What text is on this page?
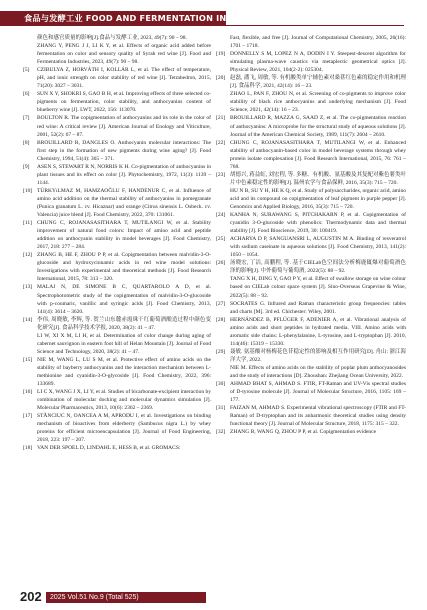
食品与发酵工业 FOOD AND FERMENTATION INDUSTRIES
颜色和感官质量的影响[J].食品与发酵工业, 2023, 49(7): 90 – 98.
ZHANG Y, PENG J J, LI K Y, et al. Effects of organic acid added before fermentation on color and sensory quality of Syrah red wine [J]. Food and Fermentation Industries, 2023, 49(7): 90 – 98.
[5] CZIBULYA Z, HORVÁTH I, KOLLÁR L, et al. The effect of temperature, pH, and ionic strength on color stability of red wine [J]. Tetrahedron, 2015, 71(20): 3027 – 3031.
[6] SUN X Y, SHOKRI S, GAO B H, et al. Improving effects of three selected co-pigments on fermentation, color stability, and anthocyanins content of blueberry wine [J]. LWT, 2022, 156: 113070.
[7] BOULTON R. The copigmentation of anthocyanins and its role in the color of red wine: A critical review [J]. American Journal of Enology and Viticulture, 2001, 52(2): 67 – 87.
[8] BROUILLARD R, DANGLES O. Anthocyanin molecular interactions: The first step in the formation of new pigments during wine aging? [J]. Food Chemistry, 1994, 51(4): 365 – 371.
[9] ASEN S, STEWART R N, NORRIS K H. Co-pigmentation of anthocyanins in plant tissues and its effect on color [J]. Phytochemistry, 1972, 11(3): 1139 – 1144.
[10] TÜRKYıLMAZ M, HAMZAOĞLU F, HANDENUR C, et al. Influence of amino acid addition on the thermal stability of anthocyanins in pomegranate (Punica granatum L. cv. Hicaznar) and orange (Citrus sinensis L. Osbeck. cv. Valencia) juice blend [J]. Food Chemistry, 2022, 370: 131061.
[11] CHUNG C, ROJANASASITHARA T, MUTILANGI W, et al. Stability improvement of natural food colors: Impact of amino acid and peptide addition on anthocyanin stability in model beverages [J]. Food Chemistry, 2017, 218: 277 – 284.
[12] ZHANG B, HE F, ZHOU P P, et al. Copigmentation between malvidin-3-O-glucoside and hydroxycinnamic acids in red wine model solutions: Investigations with experimental and theoretical methods [J]. Food Research International, 2015, 78: 313 – 320.
[13] MALAJ N, DE SIMONE B C, QUARTAROLO A D, et al. Spectrophotometric study of the copigmentation of malvidin-3-O-glucoside with p-coumaric, vanillic and syringic acids [J]. Food Chemistry, 2013, 141(4): 3614 – 3620.
[14] 李伟, 周晓敏, 李辉, 等. 贺兰山东麓赤霞珠干红葡萄酒酿造过程中颜色变化研究[J]. 食品科学技术学报, 2020, 38(2): 41 – 47.
LI W, XI X M, LI H, et al. Determination of color change during aging of cabernet sauvignon in eastern foot hill of Helan Mountain [J]. Journal of Food Science and Technology, 2020, 38(2): 41 – 47.
[15] NIE M, WANG L, LU S M, et al. Protective effect of amino acids on the stability of bayberry anthocyanins and the interaction mechanism between L-methionine and cyanidin-3-O-glycoside [J]. Food Chemistry, 2022, 396: 133689.
[16] LI C X, WANG J X, LI Y, et al. Studies of bicarbonate-excipient interaction by combination of molecular docking and molecular dynamics simulation [J]. Molecular Pharmaceutics, 2013, 10(6): 2362 – 2369.
[17] STĂNCIUC N, OANCEA A M, APRODU I, et al. Investigations on binding mechanism of bioactives from elderberry (Sambucus nigra L.) by whey proteins for efficient microencapsulation [J]. Journal of Food Engineering, 2018, 223: 197 – 207.
[18] VAN DER SPOEL D, LINDAHL E, HESS B, et al. GROMACS:
Fast, flexible, and free [J]. Journal of Computational Chemistry, 2005, 26(16): 1701 – 1718.
[19] DONNELLY S M, LOPEZ N A, DODIN I Y. Steepest-descent algorithm for simulating plasma-wave caustics via metaplectic geometrical optics [J]. Physical Review, 2021, 104(2-2): 025304.
[20] 赵磊, 潘飞, 周敏, 等. 有机酸类单宁辅色素对桑葚红色素的稳定作用和机理[J]. 食品科学, 2021, 42(14): 16 – 23.
ZHAO L, PAN F, ZHOU N, et al. Screening of co-pigments to improve color stability of black rice anthocyanins and underlying mechanism [J]. Food Science, 2021, 42(14): 16 – 23.
[21] BROUILLARD R, MAZZA G, SAAD Z, et al. The co-pigmentation reaction of anthocyanins: A microprobe for the structural study of aqueous solutions [J]. Journal of the American Chemical Society, 1989, 111(7): 2604 – 2610.
[22] CHUNG C, ROJANASASITHARA T, MUTILANGI W, et al. Enhanced stability of anthocyanin-based color in model beverage systems through whey protein isolate complexation [J]. Food Research International, 2015, 76: 761 – 768.
[23] 胡德兴, 蒋益虹, 刘宏程, 等. 多糖、有机酸、氨基酸及其复配对紫色薯类叶片中色素稳定性的影响[J]. 温州农学与食品保鲜, 2016, 35(3): 715 – 720.
HU N B, SU Y H, HE K Q, et al. Study of polysaccharides, organic acid, amino acid and its compound on copigmentation of leaf pigment in purple pepper [J]. Genomics and Applied Biology, 2016, 35(3): 715 – 720.
[24] KANHA N, SURAWANG S, PITCHAKARN P, et al. Copigmentation of cyanidin 3-O-glucoside with phenolics: Thermodynamic data and thermal stability [J]. Food Bioscience, 2019, 30: 100419.
[25] ACHARYA D P, SANGUANSRI L, AUGUSTIN M A. Binding of resveratrol with sodium caseinate in aqueous solutions [J]. Food Chemistry, 2013, 141(2): 1050 – 1054.
[26] 汤晓宏, 丁洁, 高鹏程, 等. 基于CIELab色空间法分析梅鹿辄爆对葡萄酒色泽的影响[J]. 中外葡萄与葡萄酒, 2022(5): 88 – 92.
TANG X H, DING Y, GAO P Y, et al. Effect of swallow storage on wine colour based on CIELab colour space system [J]. Sino-Overseas Grapevine & Wine, 2022(5): 88 – 92.
[27] SOCRATES G. Infrared and Raman characteristic group frequencies: tables and charts [M]. 3rd ed. Chichester: Wiley, 2001.
[28] HERNÁNDEZ B, PFLÜGER F, ADENIER A, et al. Vibrational analysis of amino acids and short peptides in hydrated media. VIII. Amino acids with aromatic side chains: L-phenylalanine, L-tyrosine, and L-tryptophan [J]. 2010, 114(46): 15319 – 15330.
[29] 聂敏. 氨基酸对杨梅花色苷稳定性的影响及相互作用研究[D]. 舟山: 浙江海洋大学, 2022.
NIE M. Effects of amino acids on the stability of poplar plum anthocyanosides and the study of interactions [D]. Zhoushan: Zhejiang Ocean University, 2022.
[30] AHMAD BHAT S, AHMAD S. FTIR, FT-Raman and UV-Vis spectral studies of D-tyrosine molecule [J]. Journal of Molecular Structure, 2016, 1105: 169 – 177.
[31] FAIZAN M, AHMAD S. Experimental vibrational spectroscopy (FTIR and FT-Raman) of D-tryptophan and its anharmonic theoretical studies using density functional theory [J]. Journal of Molecular Structure, 2018, 1175: 315 – 322.
[32] ZHANG B, WANG Q, ZHOU P P, et al. Copigmentation evidence
202 2025 Vol.51 No.9 (Total 525)
